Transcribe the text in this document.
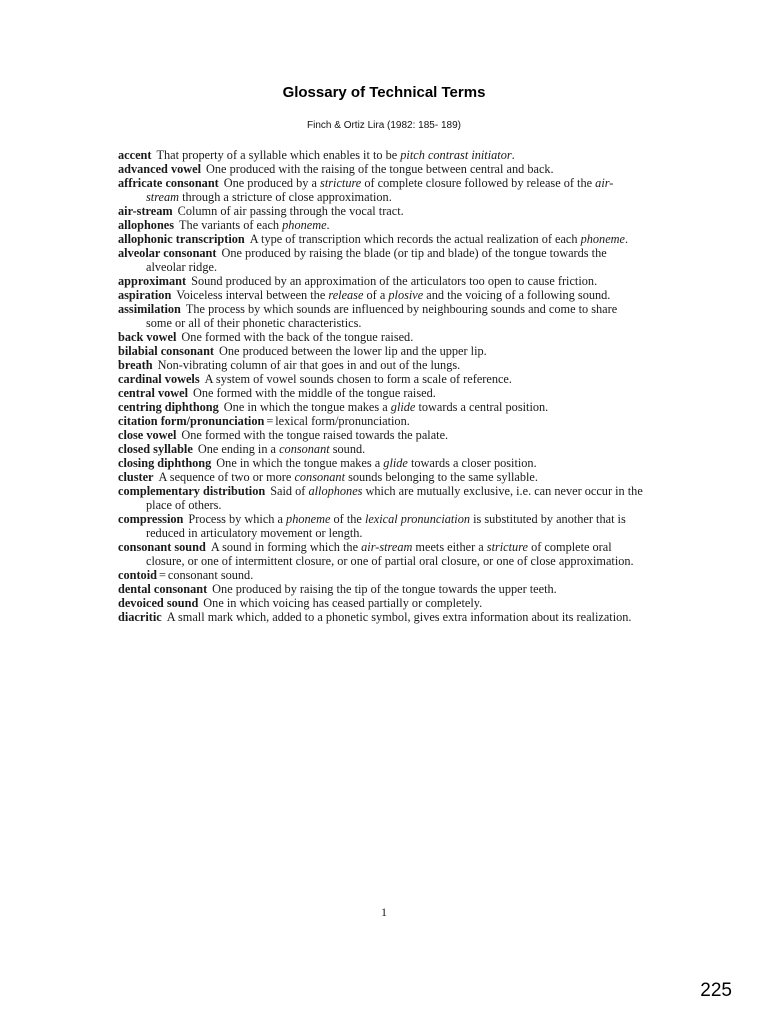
Glossary of Technical Terms
Finch & Ortiz Lira (1982: 185- 189)

accent That property of a syllable which enables it to be pitch contrast initiator.

advanced vowel One produced with the raising of the tongue between central and back.

affricate consonant One produced by a stricture of complete closure followed by release of the air-stream through a stricture of close approximation.

air-stream Column of air passing through the vocal tract.

allophones The variants of each phoneme.

allophonic transcription A type of transcription which records the actual realization of each phoneme.

alveolar consonant One produced by raising the blade (or tip and blade) of the tongue towards the alveolar ridge.

approximant Sound produced by an approximation of the articulators too open to cause friction.

aspiration Voiceless interval between the release of a plosive and the voicing of a following sound.

assimilation The process by which sounds are influenced by neighbouring sounds and come to share some or all of their phonetic characteristics.

back vowel One formed with the back of the tongue raised.

bilabial consonant One produced between the lower lip and the upper lip.

breath Non-vibrating column of air that goes in and out of the lungs.

cardinal vowels A system of vowel sounds chosen to form a scale of reference.

central vowel One formed with the middle of the tongue raised.

centring diphthong One in which the tongue makes a glide towards a central position.

citation form/pronunciation = lexical form/pronunciation.

close vowel One formed with the tongue raised towards the palate.

closed syllable One ending in a consonant sound.

closing diphthong One in which the tongue makes a glide towards a closer position.

cluster A sequence of two or more consonant sounds belonging to the same syllable.

complementary distribution Said of allophones which are mutually exclusive, i.e. can never occur in the place of others.

compression Process by which a phoneme of the lexical pronunciation is substituted by another that is reduced in articulatory movement or length.

consonant sound A sound in forming which the air-stream meets either a stricture of complete oral closure, or one of intermittent closure, or one of partial oral closure, or one of close approximation.

contoid = consonant sound.

dental consonant One produced by raising the tip of the tongue towards the upper teeth.

devoiced sound One in which voicing has ceased partially or completely.

diacritic A small mark which, added to a phonetic symbol, gives extra information about its realization.

1
225
